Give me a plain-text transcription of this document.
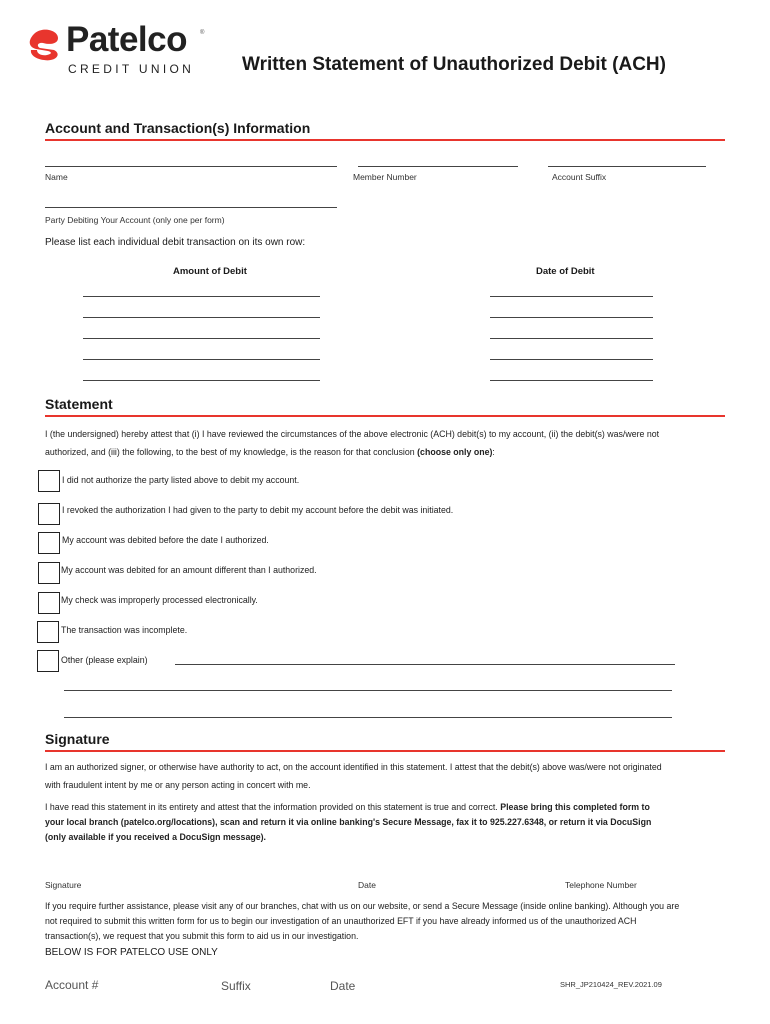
Patelco ®
CREDIT UNION	Written Statement of Unauthorized Debit (ACH)
Account and Transaction(s) Information
Name	Member Number	Account Suffix
Party Debiting Your Account (only one per form)
Please list each individual debit transaction on its own row:
Amount of Debit	Date of Debit
Statement
I (the undersigned) hereby attest that (i) I have reviewed the circumstances of the above electronic (ACH) debit(s) to my account, (ii) the debit(s) was/were not
authorized, and (iii) the following, to the best of my knowledge, is the reason for that conclusion (choose only one):
I did not authorize the party listed above to debit my account.
I revoked the authorization I had given to the party to debit my account before the debit was initiated.
My account was debited before the date I authorized.
My account was debited for an amount different than I authorized.
My check was improperly processed electronically.
The transaction was incomplete.
Other (please explain)
Signature
I am an authorized signer, or otherwise have authority to act, on the account identified in this statement. I attest that the debit(s) above was/were not originated
with fraudulent intent by me or any person acting in concert with me.
I have read this statement in its entirety and attest that the information provided on this statement is true and correct. Please bring this completed form to
your local branch (patelco.org/locations), scan and return it via online banking's Secure Message, fax it to 925.227.6348, or return it via DocuSign
(only available if you received a DocuSign message).
Signature	Date	Telephone Number
If you require further assistance, please visit any of our branches, chat with us on our website, or send a Secure Message (inside online banking). Although you are
not required to submit this written form for us to begin our investigation of an unauthorized EFT if you have already informed us of the unauthorized ACH
transaction(s), we request that you submit this form to aid us in our investigation.
BELOW IS FOR PATELCO USE ONLY
Account #	Suffix	Date	SHR_JP210424_REV.2021.09
